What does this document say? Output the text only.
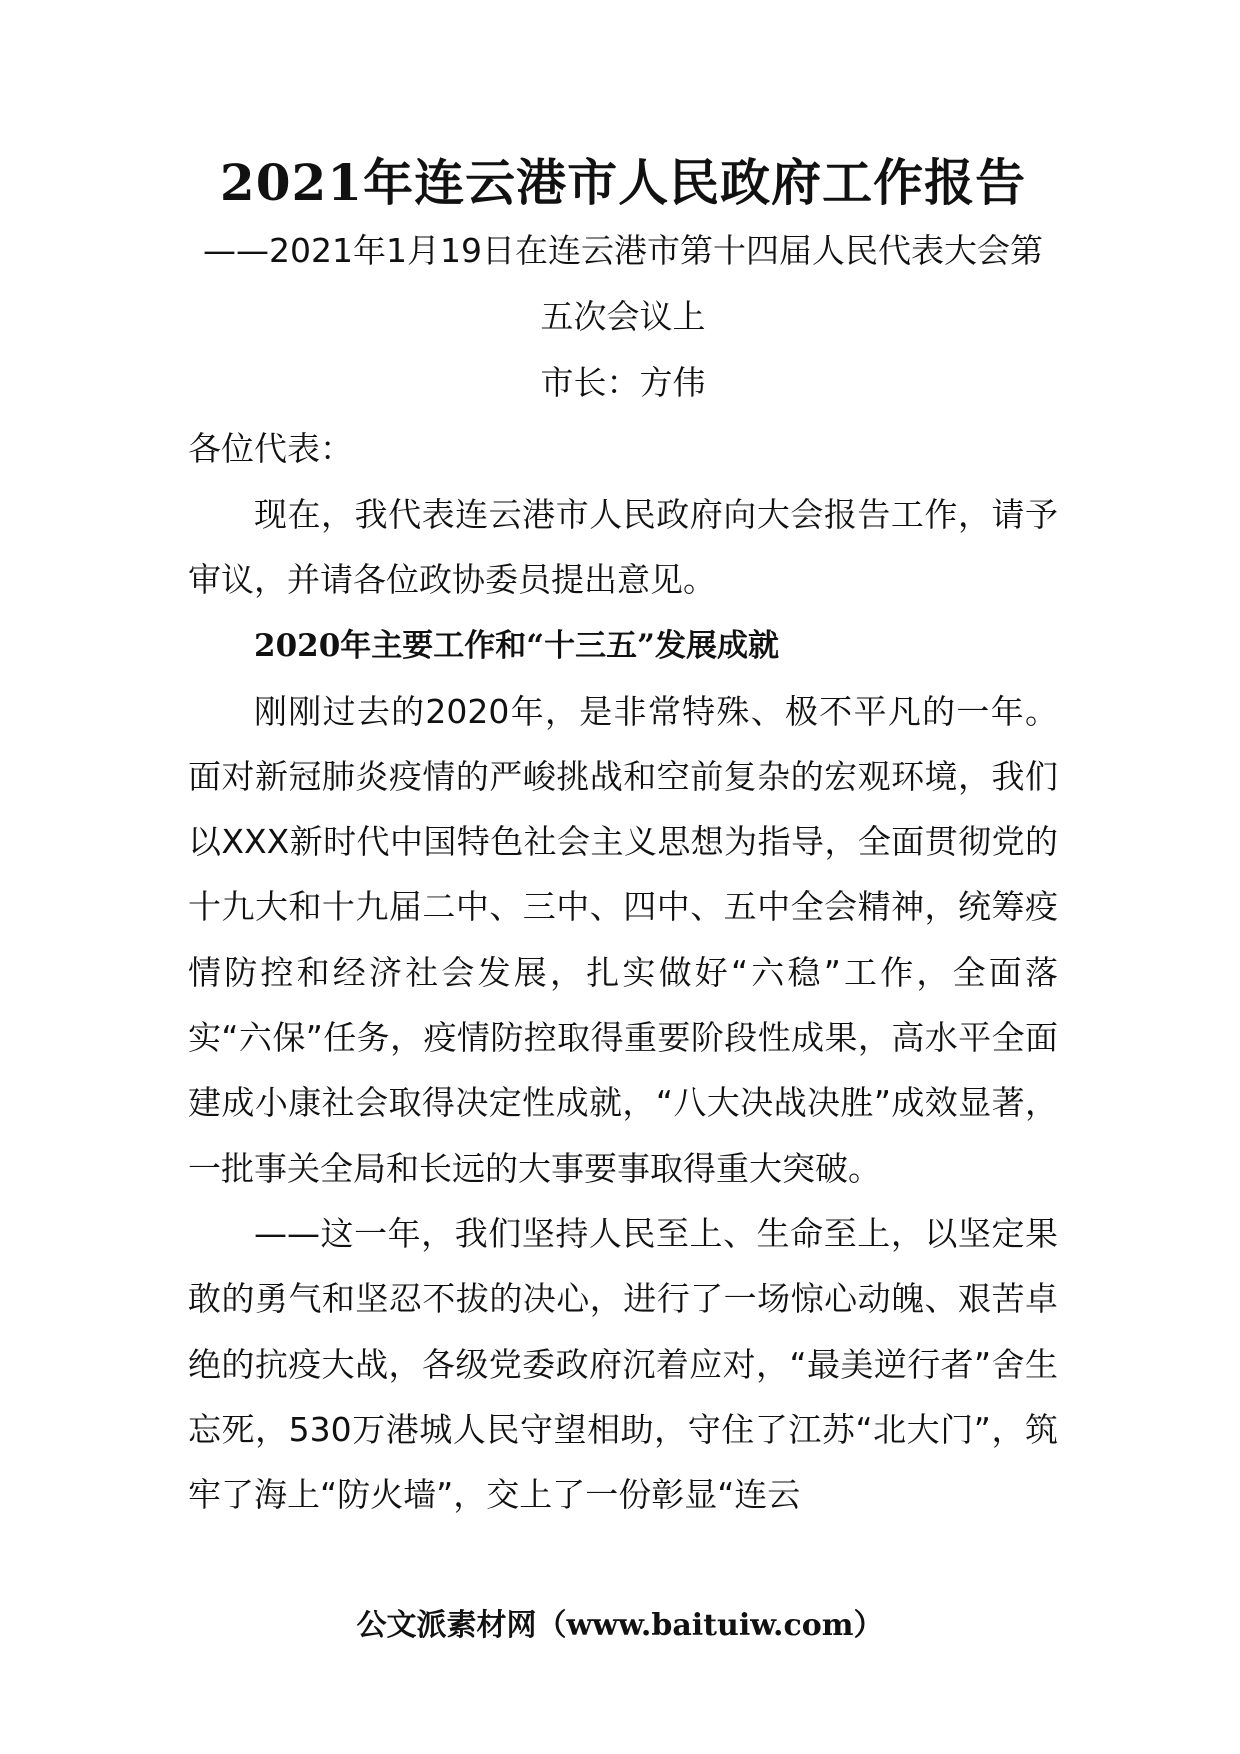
2021年连云港市人民政府工作报告

——2021年1月19日在连云港市第十四届人民代表大会第五次会议上

市长：方伟

各位代表：

现在，我代表连云港市人民政府向大会报告工作，请予审议，并请各位政协委员提出意见。

2020年主要工作和“十三五”发展成就

刚刚过去的2020年，是非常特殊、极不平凡的一年。面对新冠肺炎疫情的严峻挑战和空前复杂的宏观环境，我们以XXX新时代中国特色社会主义思想为指导，全面贯彻党的十九大和十九届二中、三中、四中、五中全会精神，统筹疫情防控和经济社会发展，扎实做好“六稳”工作，全面落实“六保”任务，疫情防控取得重要阶段性成果，高水平全面建成小康社会取得决定性成就，“八大决战决胜”成效显著，一批事关全局和长远的大事要事取得重大突破。

——这一年，我们坚持人民至上、生命至上，以坚定果敢的勇气和坚忍不拔的决心，进行了一场惊心动魄、艰苦卓绝的抗疫大战，各级党委政府沉着应对，“最美逆行者”舍生忘死，530万港城人民守望相助，守住了江苏“北大门”，筑牢了海上“防火墙”，交上了一份彰显“连云

公文派素材网（www.baituiw.com）
